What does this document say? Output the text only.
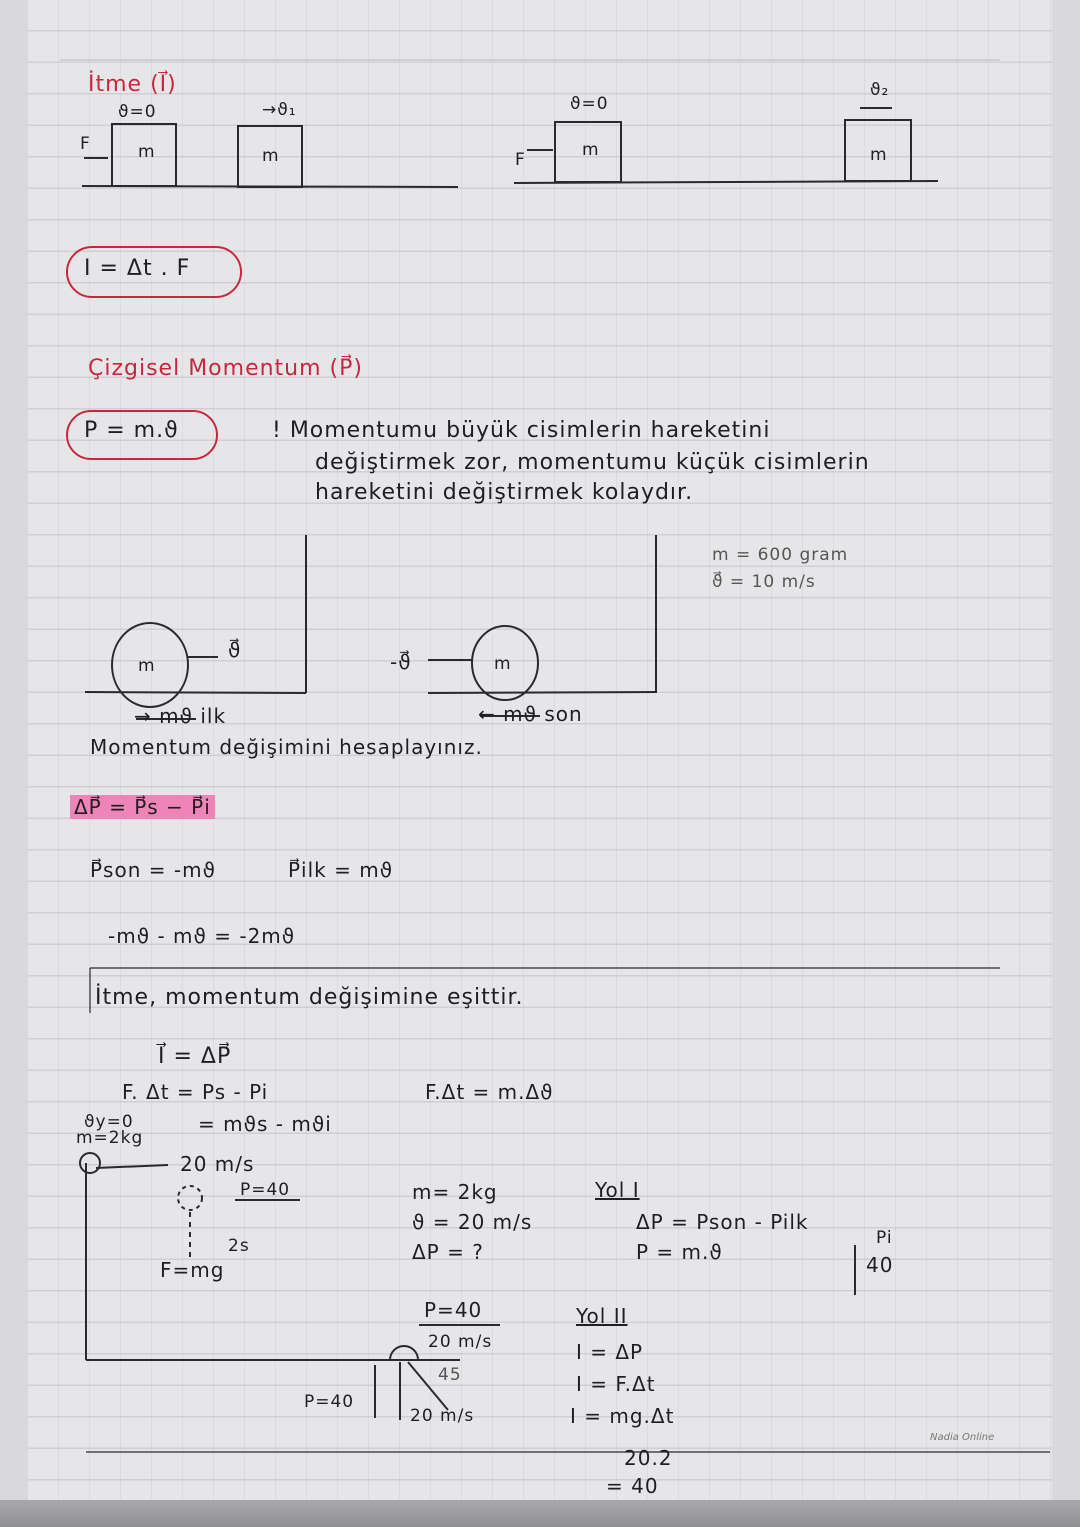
İtme (I⃗)
ϑ=0	→ϑ₁
F	m	m
ϑ=0
ϑ₂
F	m	m
I = Δt . F
Çizgisel Momentum (P⃗)
P = m.ϑ	! Momentumu büyük cisimlerin hareketini
değiştirmek zor, momentumu küçük cisimlerin
hareketini değiştirmek kolaydır.
m
ϑ⃗
m
-ϑ⃗
→ mϑ ilk	← mϑ son
m = 600 gram
ϑ⃗ = 10 m/s
Momentum değişimini hesaplayınız.
ΔP⃗ = P⃗s − P⃗i
P⃗son = -mϑ	P⃗ilk = mϑ
-mϑ - mϑ = -2mϑ
İtme, momentum değişimine eşittir.
I⃗ = ΔP⃗
F. Δt = Ps - Pi
= mϑs - mϑi
F.Δt = m.Δϑ
ϑy=0
m=2kg
20 m/s
P=40
2s
F=mg
m= 2kg
ϑ = 20 m/s
ΔP = ?
P=40
20 m/s
45
P=40
20 m/s
Yol I
ΔP = Pson - Pilk
P = m.ϑ
Pi
40
Yol II
I = ΔP
I = F.Δt
I = mg.Δt
20.2
= 40
Nadia Online
